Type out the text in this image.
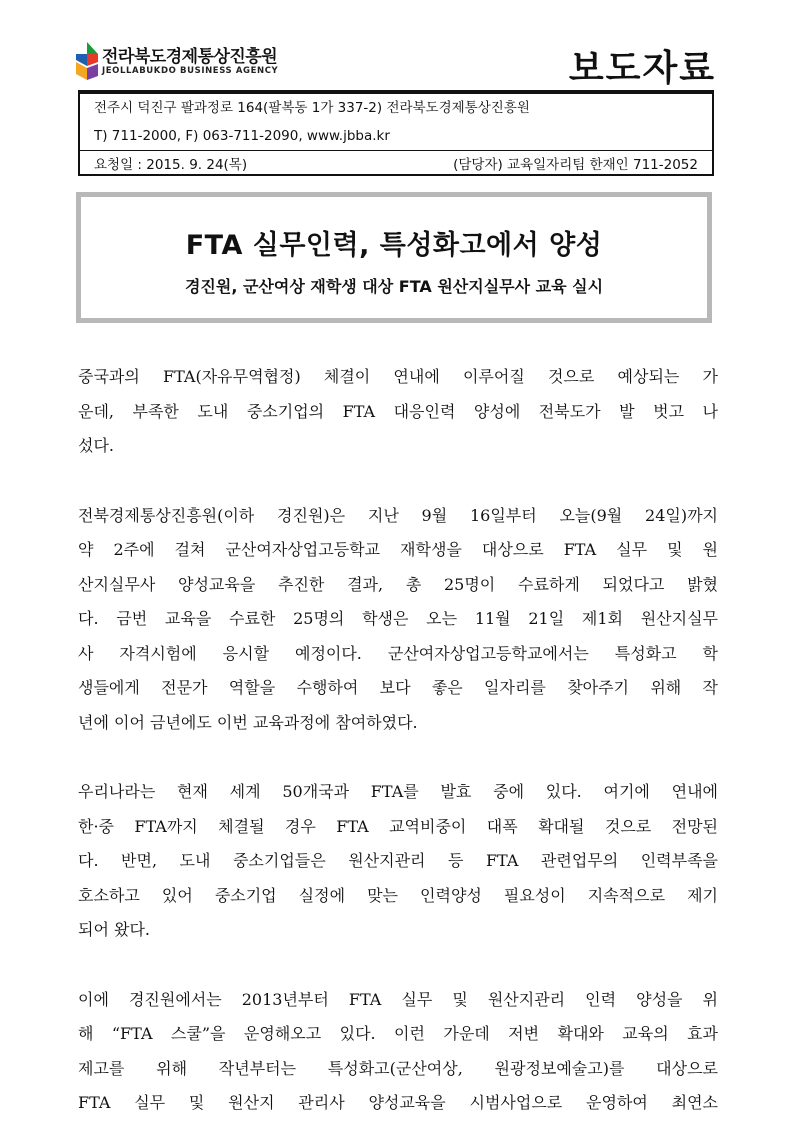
전라북도경제통상진흥원
JEOLLABUKDO BUSINESS AGENCY	보도자료
전주시 덕진구 팔과정로 164(팔복동 1가 337-2) 전라북도경제통상진흥원
T) 711-2000, F) 063-711-2090, www.jbba.kr
요청일 : 2015. 9. 24(목)	(담당자) 교육일자리팀 한재인 711-2052
FTA 실무인력, 특성화고에서 양성
경진원, 군산여상 재학생 대상 FTA 원산지실무사 교육 실시

중국과의 FTA(자유무역협정) 체결이 연내에 이루어질 것으로 예상되는 가
운데, 부족한 도내 중소기업의 FTA 대응인력 양성에 전북도가 발 벗고 나
섰다.

전북경제통상진흥원(이하 경진원)은 지난 9월 16일부터 오늘(9월 24일)까지
약 2주에 걸쳐 군산여자상업고등학교 재학생을 대상으로 FTA 실무 및 원
산지실무사 양성교육을 추진한 결과, 총 25명이 수료하게 되었다고 밝혔
다. 금번 교육을 수료한 25명의 학생은 오는 11월 21일 제1회 원산지실무
사 자격시험에 응시할 예정이다. 군산여자상업고등학교에서는 특성화고 학
생들에게 전문가 역할을 수행하여 보다 좋은 일자리를 찾아주기 위해 작
년에 이어 금년에도 이번 교육과정에 참여하였다.

우리나라는 현재 세계 50개국과 FTA를 발효 중에 있다. 여기에 연내에
한·중 FTA까지 체결될 경우 FTA 교역비중이 대폭 확대될 것으로 전망된
다. 반면, 도내 중소기업들은 원산지관리 등 FTA 관련업무의 인력부족을
호소하고 있어 중소기업 실정에 맞는 인력양성 필요성이 지속적으로 제기
되어 왔다.

이에 경진원에서는 2013년부터 FTA 실무 및 원산지관리 인력 양성을 위
해 “FTA 스쿨”을 운영해오고 있다. 이런 가운데 저변 확대와 교육의 효과
제고를 위해 작년부터는 특성화고(군산여상, 원광정보예술고)를 대상으로
FTA 실무 및 원산지 관리사 양성교육을 시범사업으로 운영하여 최연소
